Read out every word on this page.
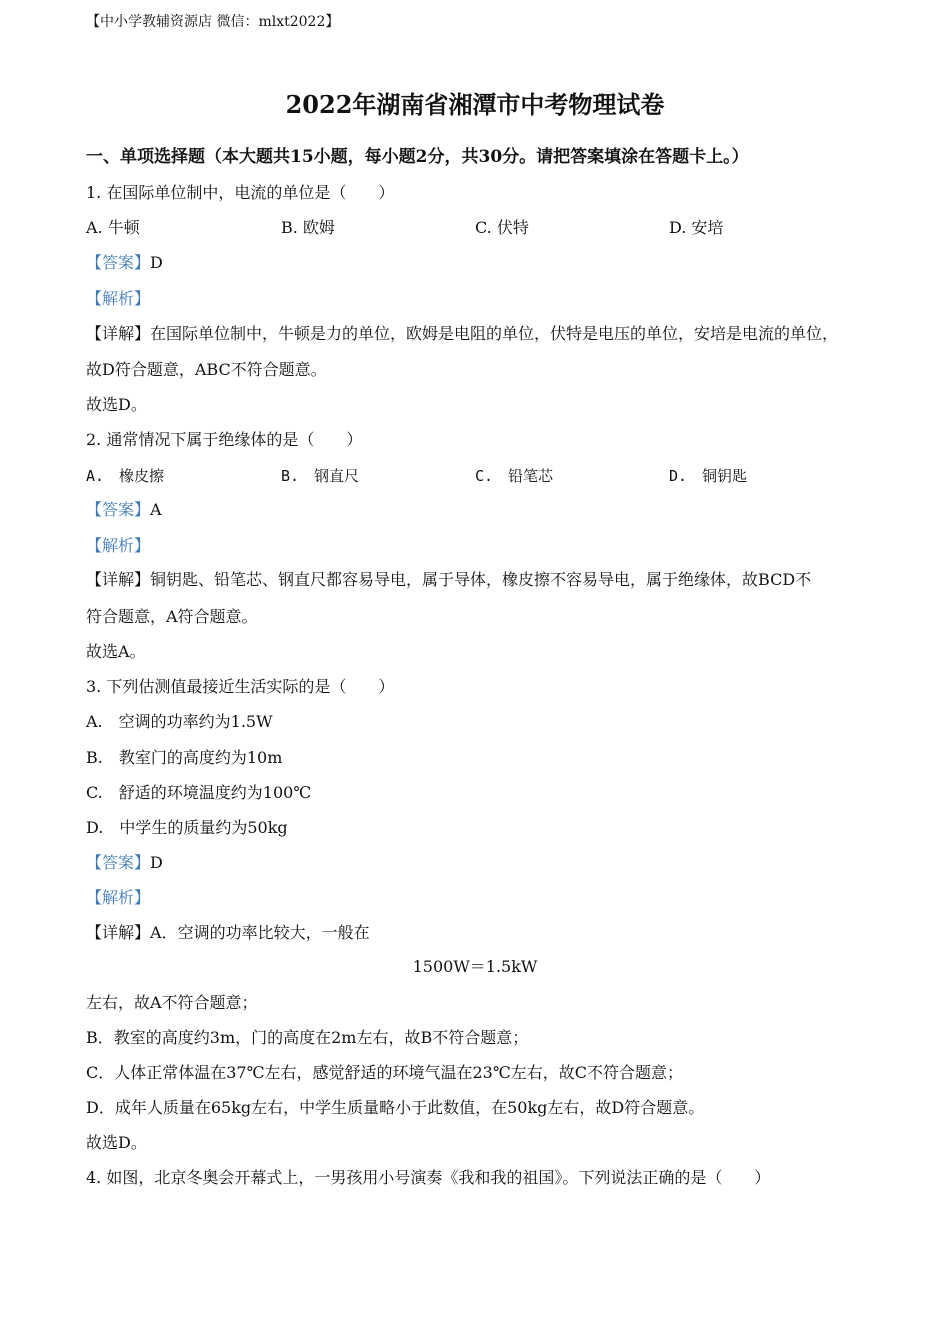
【中小学教辅资源店 微信：mlxt2022】
2022年湖南省湘潭市中考物理试卷
一、单项选择题（本大题共15小题，每小题2分，共30分。请把答案填涂在答题卡上。）
1. 在国际单位制中，电流的单位是（　　）
A. 牛顿	B. 欧姆	C. 伏特	D. 安培
【答案】D
【解析】
【详解】在国际单位制中，牛顿是力的单位，欧姆是电阻的单位，伏特是电压的单位，安培是电流的单位，
故D符合题意，ABC不符合题意。
故选D。
2. 通常情况下属于绝缘体的是（　　）
A.　橡皮擦	B.　钢直尺	C.　铅笔芯	D.　铜钥匙
【答案】A
【解析】
【详解】铜钥匙、铅笔芯、钢直尺都容易导电，属于导体，橡皮擦不容易导电，属于绝缘体，故BCD不
符合题意，A符合题意。
故选A。
3. 下列估测值最接近生活实际的是（　　）
A.　空调的功率约为1.5W
B.　教室门的高度约为10m
C.　舒适的环境温度约为100℃
D.　中学生的质量约为50kg
【答案】D
【解析】
【详解】A．空调的功率比较大，一般在
1500W＝1.5kW
左右，故A不符合题意；
B．教室的高度约3m，门的高度在2m左右，故B不符合题意；
C．人体正常体温在37℃左右，感觉舒适的环境气温在23℃左右，故C不符合题意；
D．成年人质量在65kg左右，中学生质量略小于此数值，在50kg左右，故D符合题意。
故选D。
4. 如图，北京冬奥会开幕式上，一男孩用小号演奏《我和我的祖国》。下列说法正确的是（　　）
